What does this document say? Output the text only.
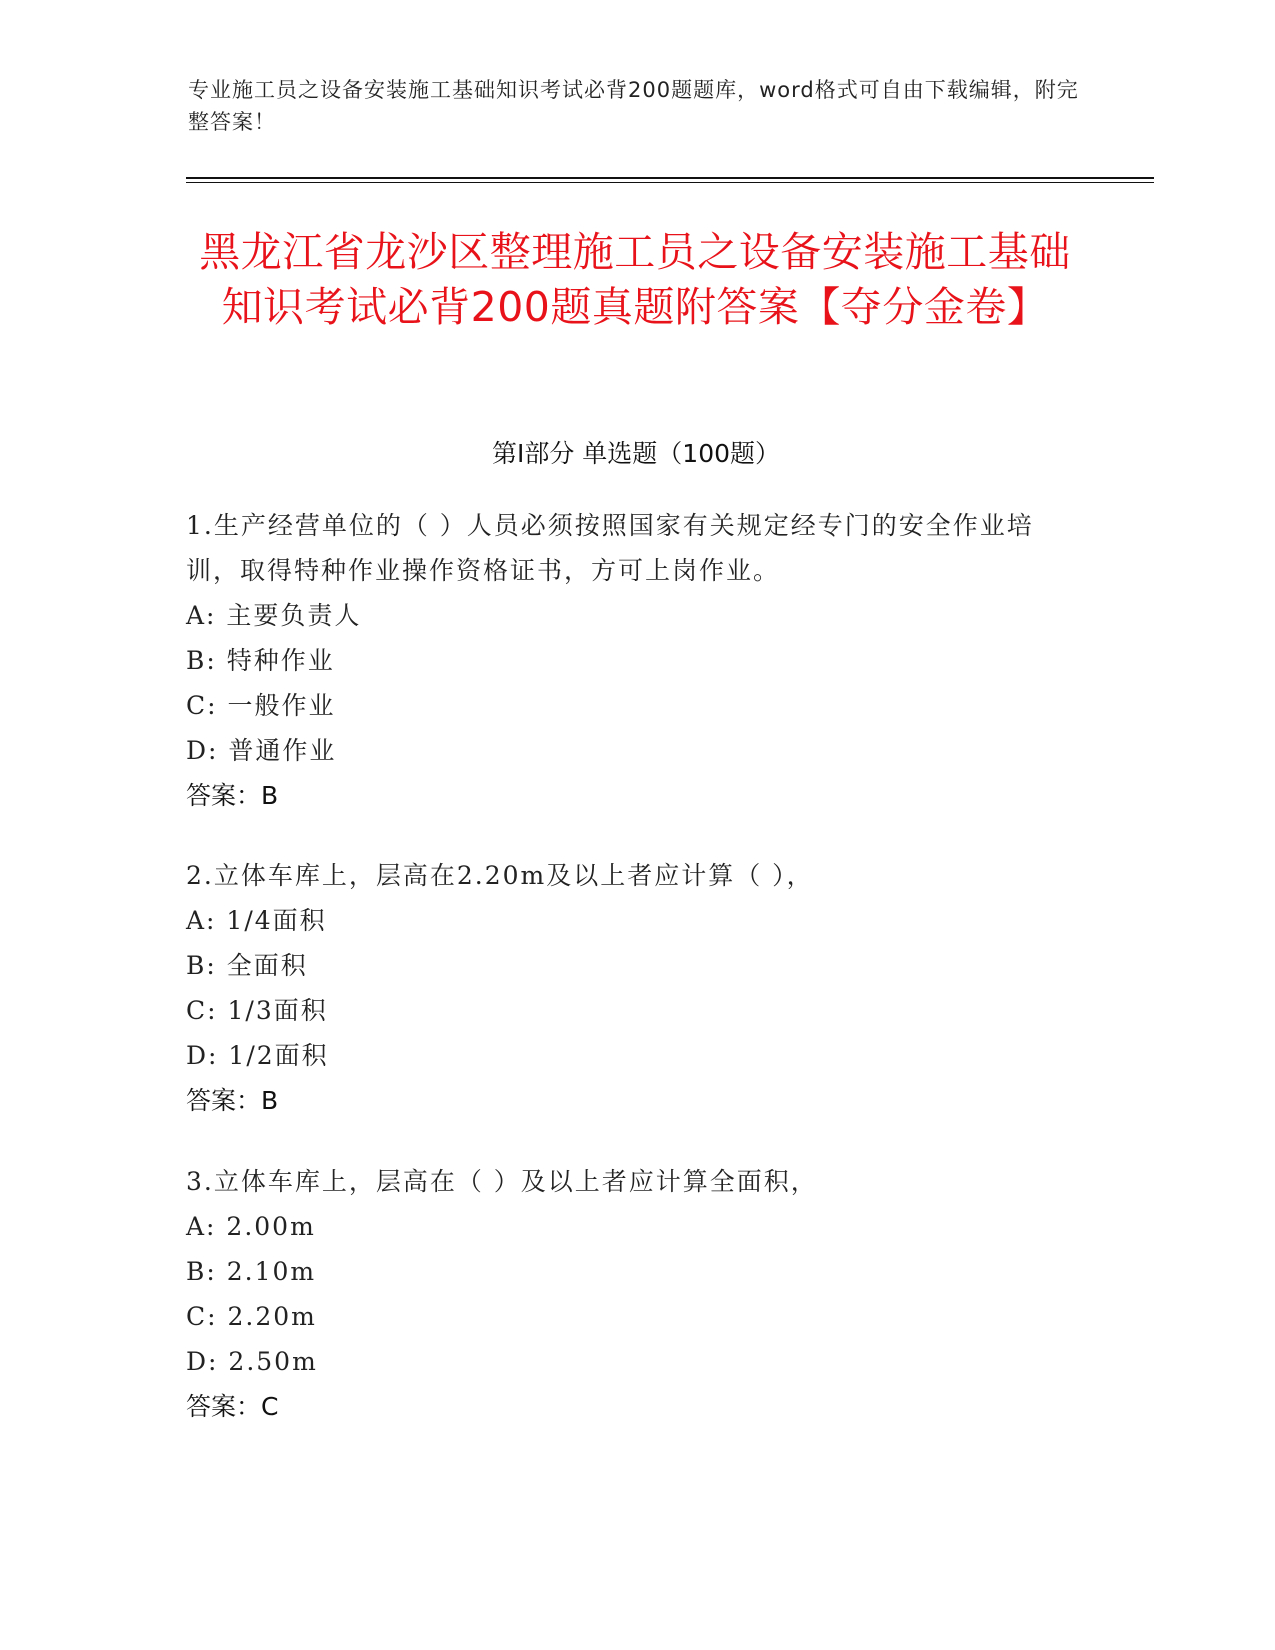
专业施工员之设备安装施工基础知识考试必背200题题库，word格式可自由下载编辑，附完整答案！
黑龙江省龙沙区整理施工员之设备安装施工基础知识考试必背200题真题附答案【夺分金卷】
第I部分 单选题（100题）
1.生产经营单位的（ ）人员必须按照国家有关规定经专门的安全作业培训，取得特种作业操作资格证书，方可上岗作业。
A: 主要负责人
B: 特种作业
C: 一般作业
D: 普通作业
答案：B
2.立体车库上，层高在2.20m及以上者应计算（ ），
A: 1/4面积
B: 全面积
C: 1/3面积
D: 1/2面积
答案：B
3.立体车库上，层高在（ ）及以上者应计算全面积，
A: 2.00m
B: 2.10m
C: 2.20m
D: 2.50m
答案：C
